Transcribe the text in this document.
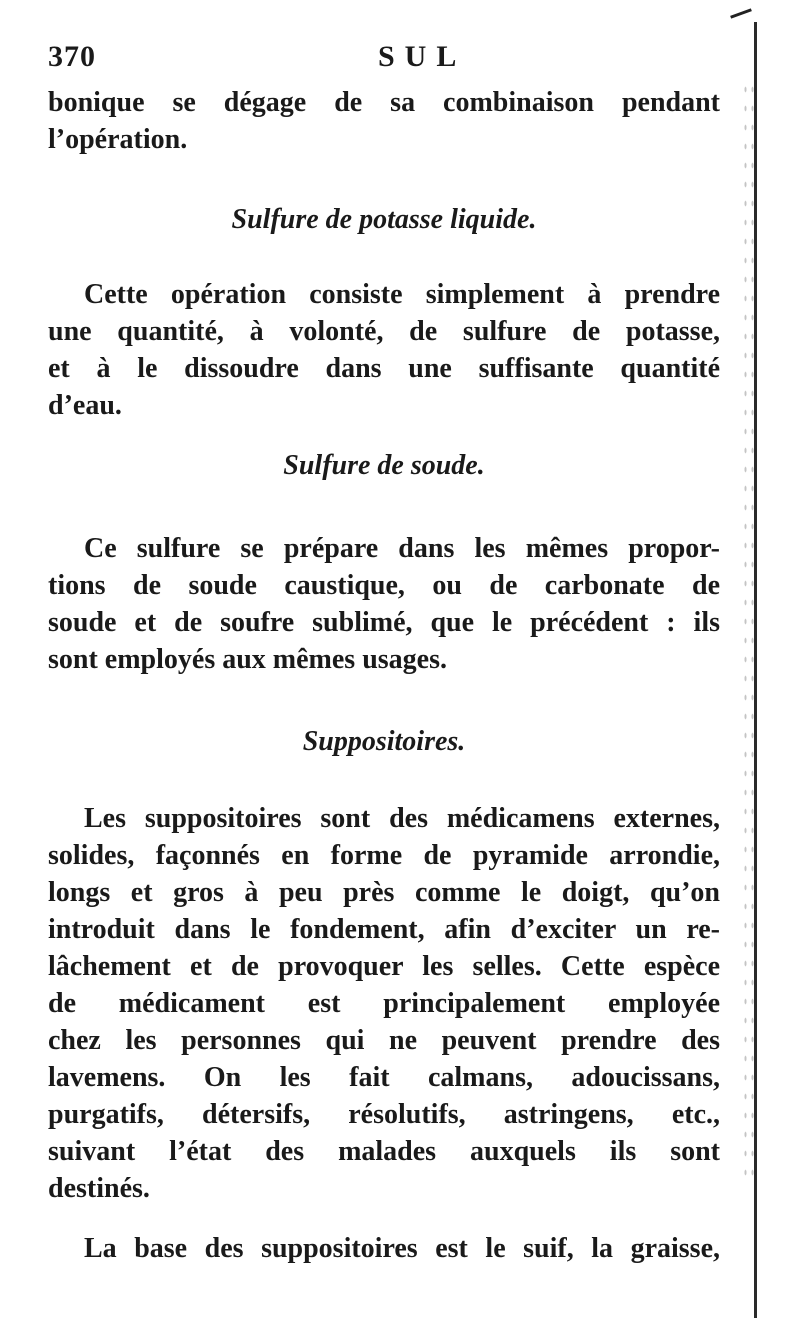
370	SUL
bonique se dégage de sa combinaison pendant
l’opération.
Sulfure de potasse liquide.
Cette opération consiste simplement à prendre
une quantité, à volonté, de sulfure de potasse,
et à le dissoudre dans une suffisante quantité
d’eau.
Sulfure de soude.
Ce sulfure se prépare dans les mêmes propor-
tions de soude caustique, ou de carbonate de
soude et de soufre sublimé, que le précédent : ils
sont employés aux mêmes usages.
Suppositoires.
Les suppositoires sont des médicamens externes,
solides, façonnés en forme de pyramide arrondie,
longs et gros à peu près comme le doigt, qu’on
introduit dans le fondement, afin d’exciter un re-
lâchement et de provoquer les selles. Cette espèce
de médicament est principalement employée
chez les personnes qui ne peuvent prendre des
lavemens. On les fait calmans, adoucissans,
purgatifs, détersifs, résolutifs, astringens, etc.,
suivant l’état des malades auxquels ils sont
destinés.
La base des suppositoires est le suif, la graisse,
